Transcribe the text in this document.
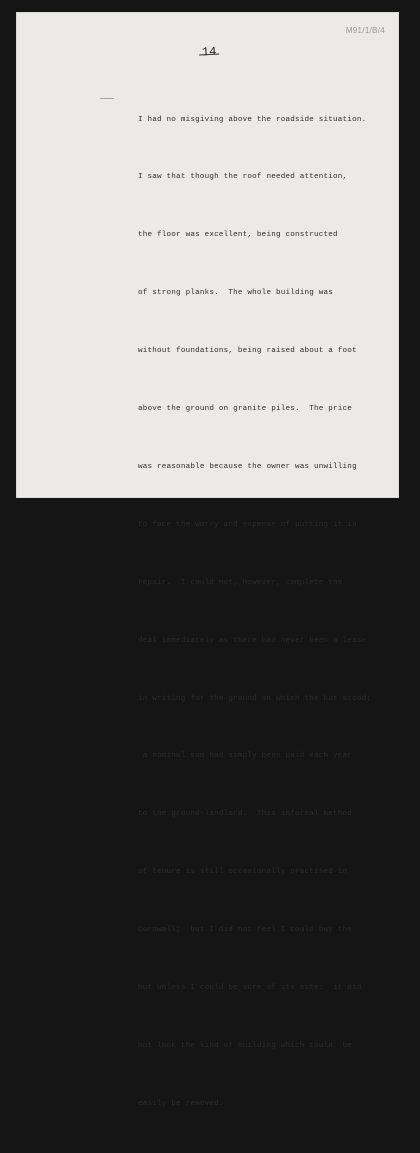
M91/1/B/4
14

I had no misgiving above the roadside situation.

I saw that though the roof needed attention,

the floor was excellent, being constructed

of strong planks.  The whole building was

without foundations, being raised about a foot

above the ground on granite piles.  The price

was reasonable because the owner was unwilling

to face the worry and expense of putting it in

repair.  I could not, however, complete the

deal immediately as there had never been a lease

in writing for the ground on which the hut stood;

a nominal sum had simply been paid each year

to the ground-landlord.  This informal method

of tenure is still occasionally practised in

Cornwall;  but I did not feel I could buy the

hut unless I could be sure of its site:  it did

not look the kind of building which could  be

easily be removed.
